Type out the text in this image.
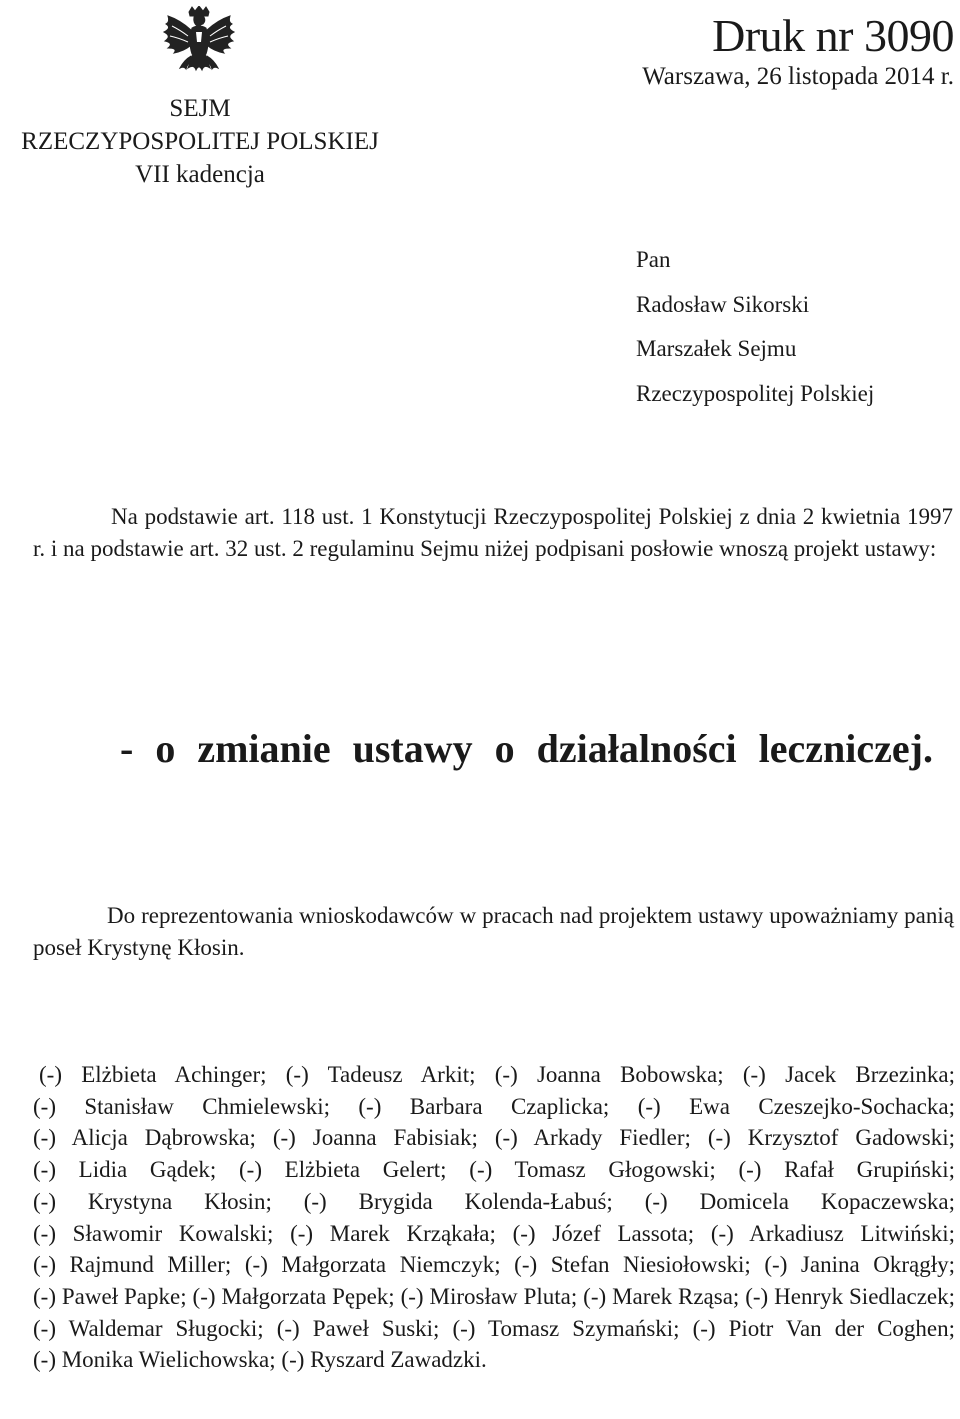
SEJM
RZECZYPOSPOLITEJ POLSKIEJ
VII kadencja
Druk nr 3090
Warszawa, 26 listopada 2014 r.
Pan
Radosław Sikorski
Marszałek Sejmu
Rzeczypospolitej Polskiej

Na podstawie art. 118 ust. 1 Konstytucji Rzeczypospolitej Polskiej z dnia 2 kwietnia 1997 r. i na podstawie art. 32 ust. 2 regulaminu Sejmu niżej podpisani posłowie wnoszą projekt ustawy:

- o zmianie ustawy o działalności leczniczej.

Do reprezentowania wnioskodawców w pracach nad projektem ustawy upoważniamy panią poseł Krystynę Kłosin.

(-) Elżbieta Achinger; (-) Tadeusz Arkit; (-) Joanna Bobowska; (-) Jacek Brzezinka; (-) Stanisław Chmielewski; (-) Barbara Czaplicka; (-) Ewa Czeszejko-Sochacka; (-) Alicja Dąbrowska; (-) Joanna Fabisiak; (-) Arkady Fiedler; (-) Krzysztof Gadowski; (-) Lidia Gądek; (-) Elżbieta Gelert; (-) Tomasz Głogowski; (-) Rafał Grupiński; (-) Krystyna Kłosin; (-) Brygida Kolenda-Łabuś; (-) Domicela Kopaczewska; (-) Sławomir Kowalski; (-) Marek Krząkała; (-) Józef Lassota; (-) Arkadiusz Litwiński; (-) Rajmund Miller; (-) Małgorzata Niemczyk; (-) Stefan Niesiołowski; (-) Janina Okrągły; (-) Paweł Papke; (-) Małgorzata Pępek; (-) Mirosław Pluta; (-) Marek Rząsa; (-) Henryk Siedlaczek; (-) Waldemar Sługocki; (-) Paweł Suski; (-) Tomasz Szymański; (-) Piotr Van der Coghen; (-) Monika Wielichowska; (-) Ryszard Zawadzki.
